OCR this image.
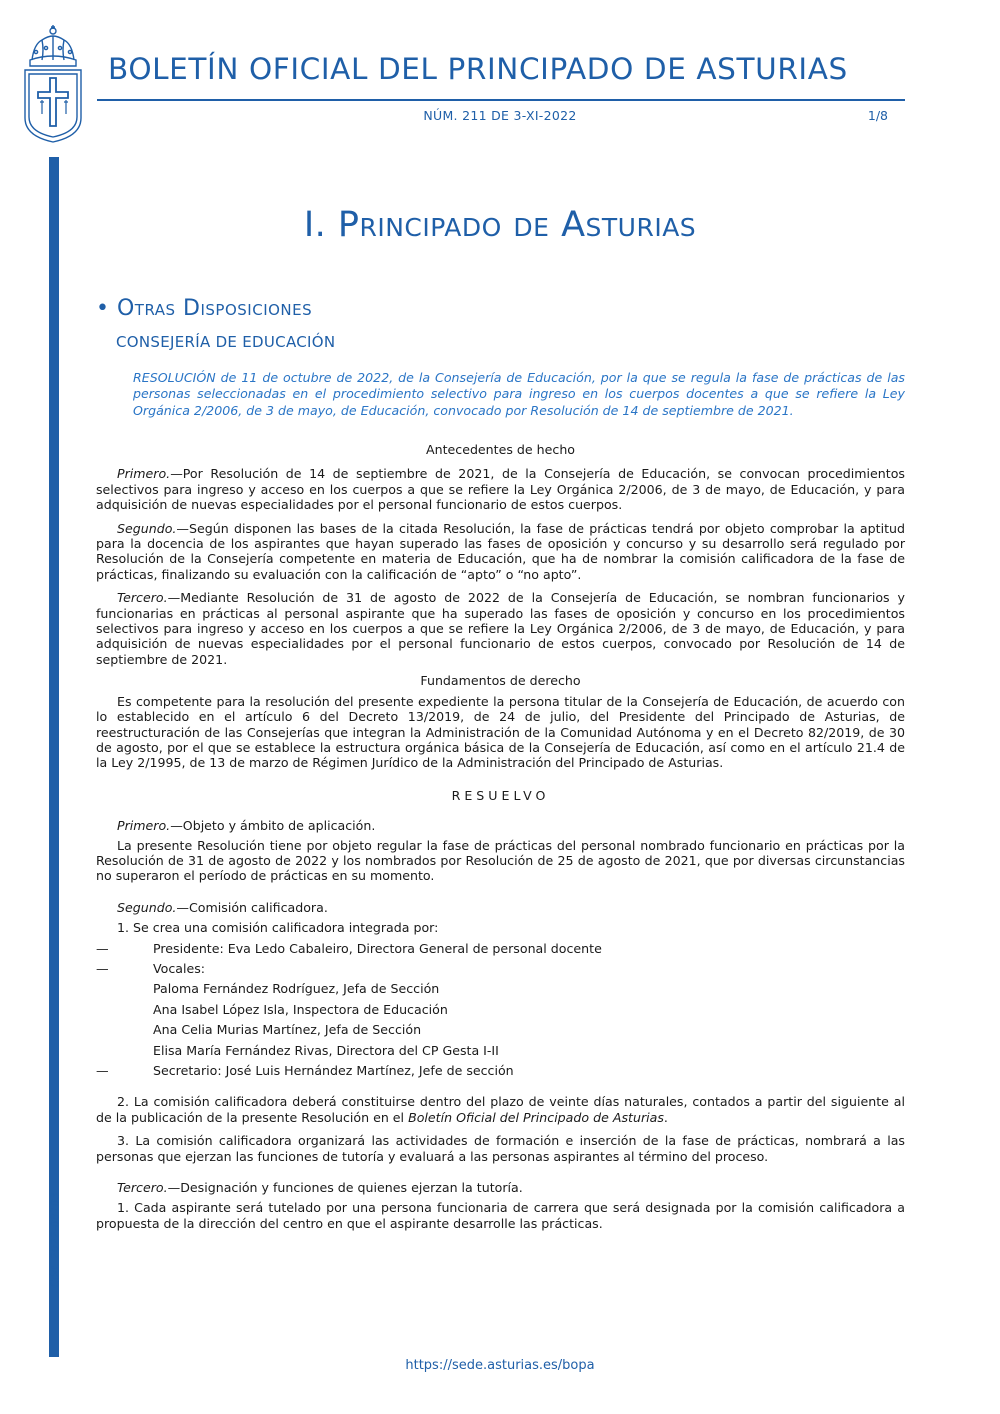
BOLETÍN OFICIAL DEL PRINCIPADO DE ASTURIAS
NÚM. 211 DE 3-XI-2022	1/8
Cód. 2022-08103
I. Principado de Asturias
• Otras Disposiciones
CONSEJERÍA DE EDUCACIÓN
RESOLUCIÓN de 11 de octubre de 2022, de la Consejería de Educación, por la que se regula la fase de prácticas de las personas seleccionadas en el procedimiento selectivo para ingreso en los cuerpos docentes a que se refiere la Ley Orgánica 2/2006, de 3 de mayo, de Educación, convocado por Resolución de 14 de septiembre de 2021.

Antecedentes de hecho

Primero.—Por Resolución de 14 de septiembre de 2021, de la Consejería de Educación, se convocan procedimientos selectivos para ingreso y acceso en los cuerpos a que se refiere la Ley Orgánica 2/2006, de 3 de mayo, de Educación, y para adquisición de nuevas especialidades por el personal funcionario de estos cuerpos.

Segundo.—Según disponen las bases de la citada Resolución, la fase de prácticas tendrá por objeto comprobar la aptitud para la docencia de los aspirantes que hayan superado las fases de oposición y concurso y su desarrollo será regulado por Resolución de la Consejería competente en materia de Educación, que ha de nombrar la comisión calificadora de la fase de prácticas, finalizando su evaluación con la calificación de “apto” o “no apto”.

Tercero.—Mediante Resolución de 31 de agosto de 2022 de la Consejería de Educación, se nombran funcionarios y funcionarias en prácticas al personal aspirante que ha superado las fases de oposición y concurso en los procedimientos selectivos para ingreso y acceso en los cuerpos a que se refiere la Ley Orgánica 2/2006, de 3 de mayo, de Educación, y para adquisición de nuevas especialidades por el personal funcionario de estos cuerpos, convocado por Resolución de 14 de septiembre de 2021.

Fundamentos de derecho

Es competente para la resolución del presente expediente la persona titular de la Consejería de Educación, de acuerdo con lo establecido en el artículo 6 del Decreto 13/2019, de 24 de julio, del Presidente del Principado de Asturias, de reestructuración de las Consejerías que integran la Administración de la Comunidad Autónoma y en el Decreto 82/2019, de 30 de agosto, por el que se establece la estructura orgánica básica de la Consejería de Educación, así como en el artículo 21.4 de la Ley 2/1995, de 13 de marzo de Régimen Jurídico de la Administración del Principado de Asturias.

RESUELVO

Primero.—Objeto y ámbito de aplicación.

La presente Resolución tiene por objeto regular la fase de prácticas del personal nombrado funcionario en prácticas por la Resolución de 31 de agosto de 2022 y los nombrados por Resolución de 25 de agosto de 2021, que por diversas circunstancias no superaron el período de prácticas en su momento.

Segundo.—Comisión calificadora.

1. Se crea una comisión calificadora integrada por:

—	Presidente: Eva Ledo Cabaleiro, Directora General de personal docente
—	Vocales:

Paloma Fernández Rodríguez, Jefa de Sección

Ana Isabel López Isla, Inspectora de Educación

Ana Celia Murias Martínez, Jefa de Sección

Elisa María Fernández Rivas, Directora del CP Gesta I-II

—	Secretario: José Luis Hernández Martínez, Jefe de sección

2. La comisión calificadora deberá constituirse dentro del plazo de veinte días naturales, contados a partir del siguiente al de la publicación de la presente Resolución en el Boletín Oficial del Principado de Asturias.

3. La comisión calificadora organizará las actividades de formación e inserción de la fase de prácticas, nombrará a las personas que ejerzan las funciones de tutoría y evaluará a las personas aspirantes al término del proceso.

Tercero.—Designación y funciones de quienes ejerzan la tutoría.

1. Cada aspirante será tutelado por una persona funcionaria de carrera que será designada por la comisión calificadora a propuesta de la dirección del centro en que el aspirante desarrolle las prácticas.

https://sede.asturias.es/bopa
